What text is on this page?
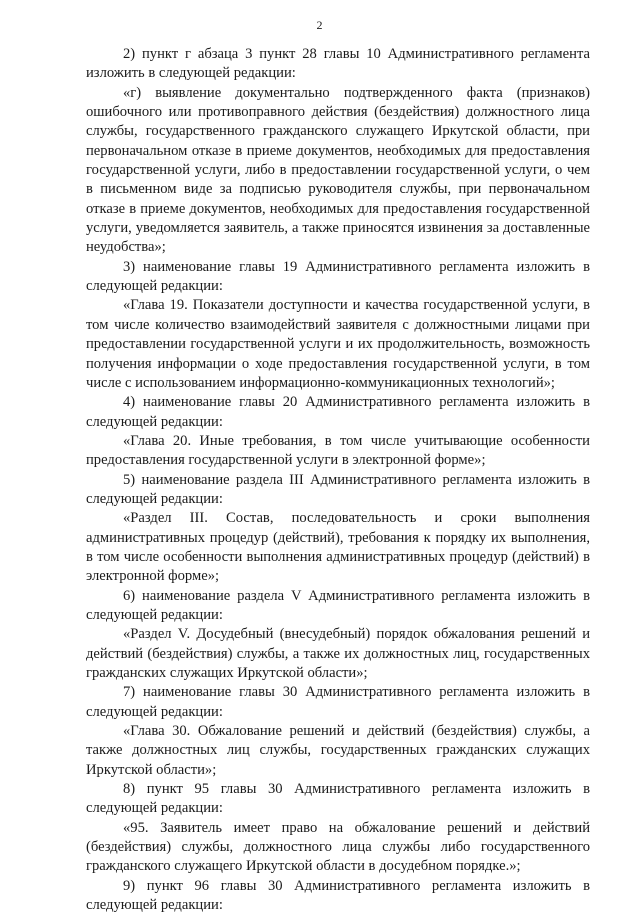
2

2) пункт г абзаца 3 пункт 28 главы 10 Административного регламента изложить в следующей редакции:

«г) выявление документально подтвержденного факта (признаков) ошибочного или противоправного действия (бездействия) должностного лица службы, государственного гражданского служащего Иркутской области, при первоначальном отказе в приеме документов, необходимых для предоставления государственной услуги, либо в предоставлении государственной услуги, о чем в письменном виде за подписью руководителя службы, при первоначальном отказе в приеме документов, необходимых для предоставления государственной услуги, уведомляется заявитель, а также приносятся извинения за доставленные неудобства»;

3) наименование главы 19 Административного регламента изложить в следующей редакции:

«Глава 19. Показатели доступности и качества государственной услуги, в том числе количество взаимодействий заявителя с должностными лицами при предоставлении государственной услуги и их продолжительность, возможность получения информации о ходе предоставления государственной услуги, в том числе с использованием информационно-коммуникационных технологий»;

4) наименование главы 20 Административного регламента изложить в следующей редакции:

«Глава 20. Иные требования, в том числе учитывающие особенности предоставления государственной услуги в электронной форме»;

5) наименование раздела III Административного регламента изложить в следующей редакции:

«Раздел III. Состав, последовательность и сроки выполнения административных процедур (действий), требования к порядку их выполнения, в том числе особенности выполнения административных процедур (действий) в электронной форме»;

6) наименование раздела V Административного регламента изложить в следующей редакции:

«Раздел V. Досудебный (внесудебный) порядок обжалования решений и действий (бездействия) службы, а также их должностных лиц, государственных гражданских служащих Иркутской области»;

7) наименование главы 30 Административного регламента изложить в следующей редакции:

«Глава 30. Обжалование решений и действий (бездействия) службы, а также должностных лиц службы, государственных гражданских служащих Иркутской области»;

8) пункт 95 главы 30 Административного регламента изложить в следующей редакции:

«95. Заявитель имеет право на обжалование решений и действий (бездействия) службы, должностного лица службы либо государственного гражданского служащего Иркутской области в досудебном порядке.»;

9) пункт 96 главы 30 Административного регламента изложить в следующей редакции:
